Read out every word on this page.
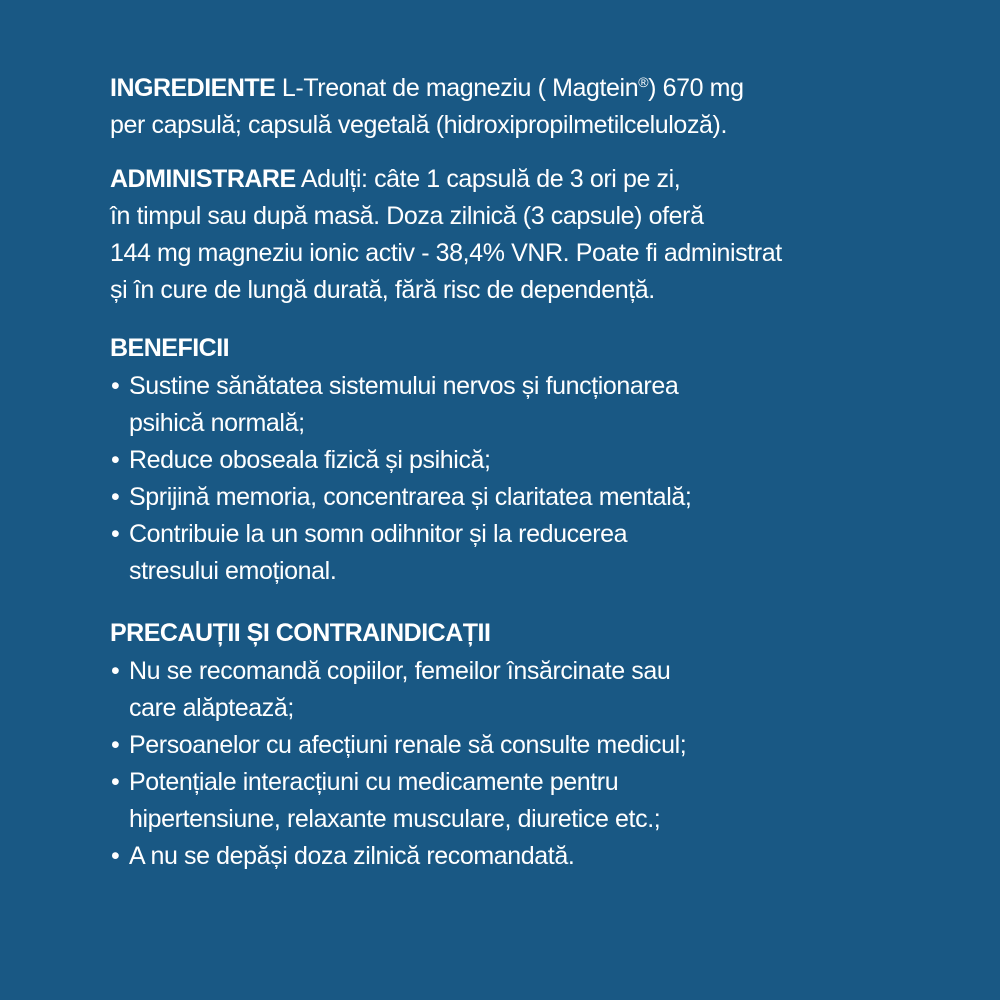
INGREDIENTE L-Treonat de magneziu ( Magtein®) 670 mg

per capsulă; capsulă vegetală (hidroxipropilmetilceluloză).

ADMINISTRARE Adulți: câte 1 capsulă de 3 ori pe zi,

în timpul sau după masă. Doza zilnică (3 capsule) oferă

144 mg magneziu ionic activ - 38,4% VNR. Poate fi administrat

și în cure de lungă durată, fără risc de dependență.

BENEFICII

• Sustine sănătatea sistemului nervos și funcționarea
psihică normală;
• Reduce oboseala fizică și psihică;
• Sprijină memoria, concentrarea și claritatea mentală;
• Contribuie la un somn odihnitor și la reducerea
stresului emoțional.

PRECAUȚII ȘI CONTRAINDICAȚII

• Nu se recomandă copiilor, femeilor însărcinate sau
care alăptează;
• Persoanelor cu afecțiuni renale să consulte medicul;
• Potențiale interacțiuni cu medicamente pentru
hipertensiune, relaxante musculare, diuretice etc.;
• A nu se depăși doza zilnică recomandată.
